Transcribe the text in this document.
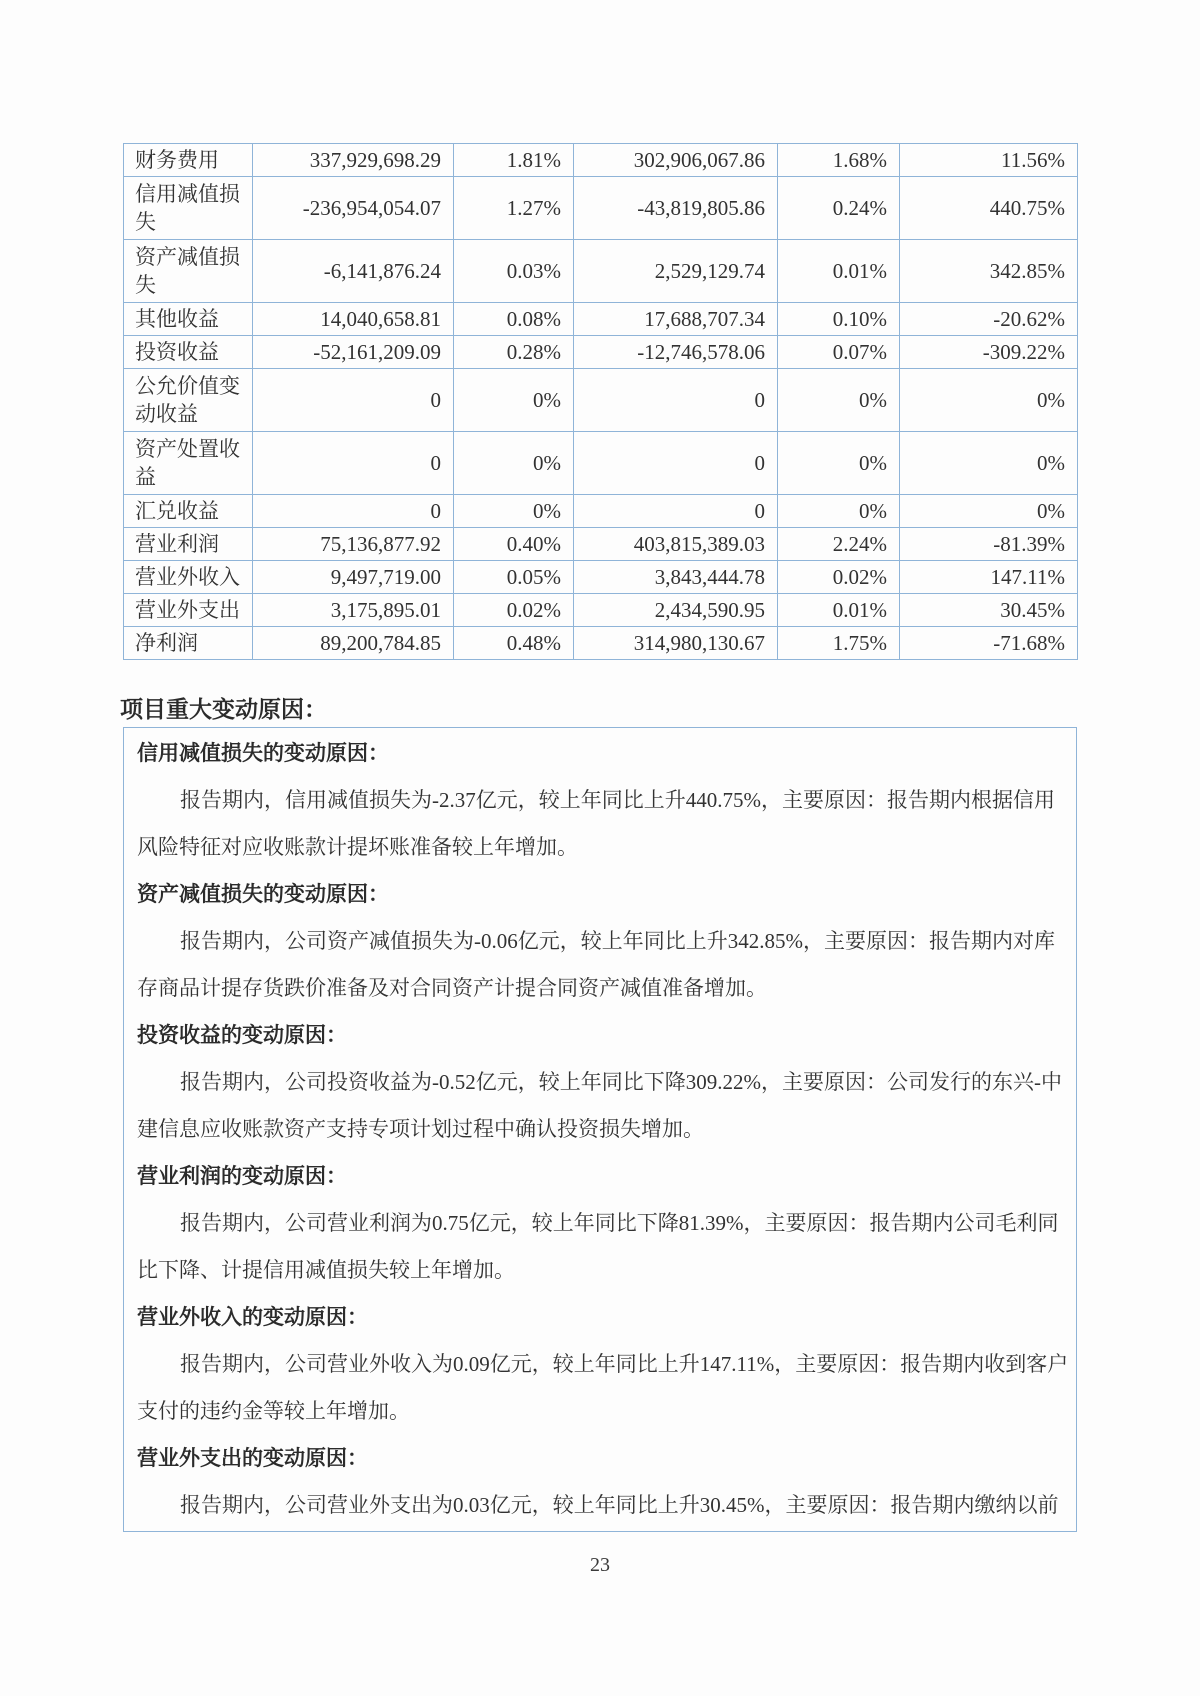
财务费用	337,929,698.29	1.81%	302,906,067.86	1.68%	11.56%
信用减值损失	-236,954,054.07	1.27%	-43,819,805.86	0.24%	440.75%
资产减值损失	-6,141,876.24	0.03%	2,529,129.74	0.01%	342.85%
其他收益	14,040,658.81	0.08%	17,688,707.34	0.10%	-20.62%
投资收益	-52,161,209.09	0.28%	-12,746,578.06	0.07%	-309.22%
公允价值变动收益	0	0%	0	0%	0%
资产处置收益	0	0%	0	0%	0%
汇兑收益	0	0%	0	0%	0%
营业利润	75,136,877.92	0.40%	403,815,389.03	2.24%	-81.39%
营业外收入	9,497,719.00	0.05%	3,843,444.78	0.02%	147.11%
营业外支出	3,175,895.01	0.02%	2,434,590.95	0.01%	30.45%
净利润	89,200,784.85	0.48%	314,980,130.67	1.75%	-71.68%
项目重大变动原因：
信用减值损失的变动原因：
报告期内，信用减值损失为-2.37亿元，较上年同比上升440.75%，主要原因：报告期内根据信用
风险特征对应收账款计提坏账准备较上年增加。
资产减值损失的变动原因：
报告期内，公司资产减值损失为-0.06亿元，较上年同比上升342.85%，主要原因：报告期内对库
存商品计提存货跌价准备及对合同资产计提合同资产减值准备增加。
投资收益的变动原因：
报告期内，公司投资收益为-0.52亿元，较上年同比下降309.22%，主要原因：公司发行的东兴-中
建信息应收账款资产支持专项计划过程中确认投资损失增加。
营业利润的变动原因：
报告期内，公司营业利润为0.75亿元，较上年同比下降81.39%，主要原因：报告期内公司毛利同
比下降、计提信用减值损失较上年增加。
营业外收入的变动原因：
报告期内，公司营业外收入为0.09亿元，较上年同比上升147.11%，主要原因：报告期内收到客户
支付的违约金等较上年增加。
营业外支出的变动原因：
报告期内，公司营业外支出为0.03亿元，较上年同比上升30.45%，主要原因：报告期内缴纳以前
23
